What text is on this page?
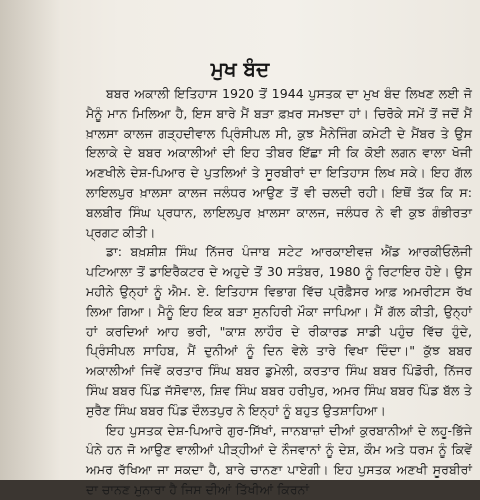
ਮੁਖ ਬੰਦ

ਬਬਰ ਅਕਾਲੀ ਇਤਿਹਾਸ 1920 ਤੋਂ 1944 ਪੁਸਤਕ ਦਾ ਮੁਖ ਬੰਦ ਲਿਖਣ ਲਈ ਜੋ ਮੈਨੂੰ ਮਾਨ ਮਿਲਿਆ ਹੈ, ਇਸ ਬਾਰੇ ਮੈਂ ਬੜਾ ਫ਼ਖ਼ਰ ਸਮਝਦਾ ਹਾਂ। ਚਿਰੋਕੇ ਸਮੇਂ ਤੋਂ ਜਦੋਂ ਮੈਂ ਖ਼ਾਲਸਾ ਕਾਲਜ ਗੜ੍ਹਦੀਵਾਲ ਪ੍ਰਿੰਸੀਪਲ ਸੀ, ਕੁਝ ਮੈਨੇਜਿੰਗ ਕਮੇਟੀ ਦੇ ਮੈਂਬਰ ਤੇ ਉਸ ਇਲਾਕੇ ਦੇ ਬਬਰ ਅਕਾਲੀਆਂ ਦੀ ਇਹ ਤੀਬਰ ਇੱਛਾ ਸੀ ਕਿ ਕੋਈ ਲਗਨ ਵਾਲਾ ਖੋਜੀ ਅਣਖੀਲੇ ਦੇਸ਼-ਪਿਆਰ ਦੇ ਪੁਤਲਿਆਂ ਤੇ ਸੂਰਬੀਰਾਂ ਦਾ ਇਤਿਹਾਸ ਲਿਖ ਸਕੇ। ਇਹ ਗੱਲ ਲਾਇਲਪੁਰ ਖ਼ਾਲਸਾ ਕਾਲਜ ਜਲੰਧਰ ਆਉਣ ਤੋਂ ਵੀ ਚਲਦੀ ਰਹੀ। ਇਥੋਂ ਤੱਕ ਕਿ ਸ: ਬਲਬੀਰ ਸਿੰਘ ਪ੍ਰਧਾਨ, ਲਾਇਲਪੁਰ ਖ਼ਾਲਸਾ ਕਾਲਜ, ਜਲੰਧਰ ਨੇ ਵੀ ਕੁਝ ਗੰਭੀਰਤਾ ਪ੍ਰਗਟ ਕੀਤੀ।

ਡਾ: ਬਖ਼ਸ਼ੀਸ਼ ਸਿੰਘ ਨਿੱਜਰ ਪੰਜਾਬ ਸਟੇਟ ਆਰਕਾਈਵਜ਼ ਐਂਡ ਆਰਕੀਓਲੋਜੀ ਪਟਿਆਲਾ ਤੋਂ ਡਾਇਰੈਕਟਰ ਦੇ ਅਹੁਦੇ ਤੋਂ 30 ਸਤੰਬਰ, 1980 ਨੂੰ ਰਿਟਾਇਰ ਹੋਏ। ਉਸ ਮਹੀਨੇ ਉਨ੍ਹਾਂ ਨੂੰ ਐਮ. ਏ. ਇਤਿਹਾਸ ਵਿਭਾਗ ਵਿੱਚ ਪ੍ਰੋਫ਼ੈਸਰ ਆਫ਼ ਅਮਰੀਟਸ ਰੱਖ ਲਿਆ ਗਿਆ। ਮੈਨੂੰ ਇਹ ਇਕ ਬੜਾ ਸੁਨਹਿਰੀ ਮੌਕਾ ਜਾਪਿਆ। ਮੈਂ ਗੱਲ ਕੀਤੀ, ਉਨ੍ਹਾਂ ਹਾਂ ਕਰਦਿਆਂ ਆਹ ਭਰੀ, "ਕਾਸ਼ ਲਾਹੌਰ ਦੇ ਰੀਕਾਰਡ ਸਾਡੀ ਪਹੁੰਚ ਵਿੱਚ ਹੁੰਦੇ, ਪ੍ਰਿੰਸੀਪਲ ਸਾਹਿਬ, ਮੈਂ ਦੁਨੀਆਂ ਨੂੰ ਦਿਨ ਵੇਲੇ ਤਾਰੇ ਵਿਖਾ ਦਿੰਦਾ।" ਕੁੱਝ ਬਬਰ ਅਕਾਲੀਆਂ ਜਿਵੇਂ ਕਰਤਾਰ ਸਿੰਘ ਬਬਰ ਡੁਮੇਲੀ, ਕਰਤਾਰ ਸਿੰਘ ਬਬਰ ਪਿੰਡੋਰੀ, ਨਿੱਜਰ ਸਿੰਘ ਬਬਰ ਪਿੰਡ ਜੱਸੋਵਾਲ, ਸ਼ਿਵ ਸਿੰਘ ਬਬਰ ਹਰੀਪੁਰ, ਅਮਰ ਸਿੰਘ ਬਬਰ ਪਿੰਡ ਬੱਲ ਤੇ ਸੁਰੈਣ ਸਿੰਘ ਬਬਰ ਪਿੰਡ ਦੌਲਤਪੁਰ ਨੇ ਇਨ੍ਹਾਂ ਨੂੰ ਬਹੁਤ ਉਤਸ਼ਾਹਿਆ।

ਇਹ ਪੁਸਤਕ ਦੇਸ਼-ਪਿਆਰੇ ਗੁਰ-ਸਿੱਖਾਂ, ਜਾਨਬਾਜ਼ਾਂ ਦੀਆਂ ਕੁਰਬਾਨੀਆਂ ਦੇ ਲਹੂ-ਭਿੱਜੇ ਪੰਨੇ ਹਨ ਜੋ ਆਉਣ ਵਾਲੀਆਂ ਪੀੜ੍ਹੀਆਂ ਦੇ ਨੌਜਵਾਨਾਂ ਨੂੰ ਦੇਸ਼, ਕੌਮ ਅਤੇ ਧਰਮ ਨੂੰ ਕਿਵੇਂ ਅਮਰ ਰੱਖਿਆ ਜਾ ਸਕਦਾ ਹੈ, ਬਾਰੇ ਚਾਨਣਾ ਪਾਏਗੀ। ਇਹ ਪੁਸਤਕ ਅਣਖੀ ਸੂਰਬੀਰਾਂ ਦਾ ਚਾਨਣ ਮੁਨਾਰਾ ਹੈ ਜਿਸ ਦੀਆਂ ਤਿੱਖੀਆਂ ਕਿਰਨਾਂ
